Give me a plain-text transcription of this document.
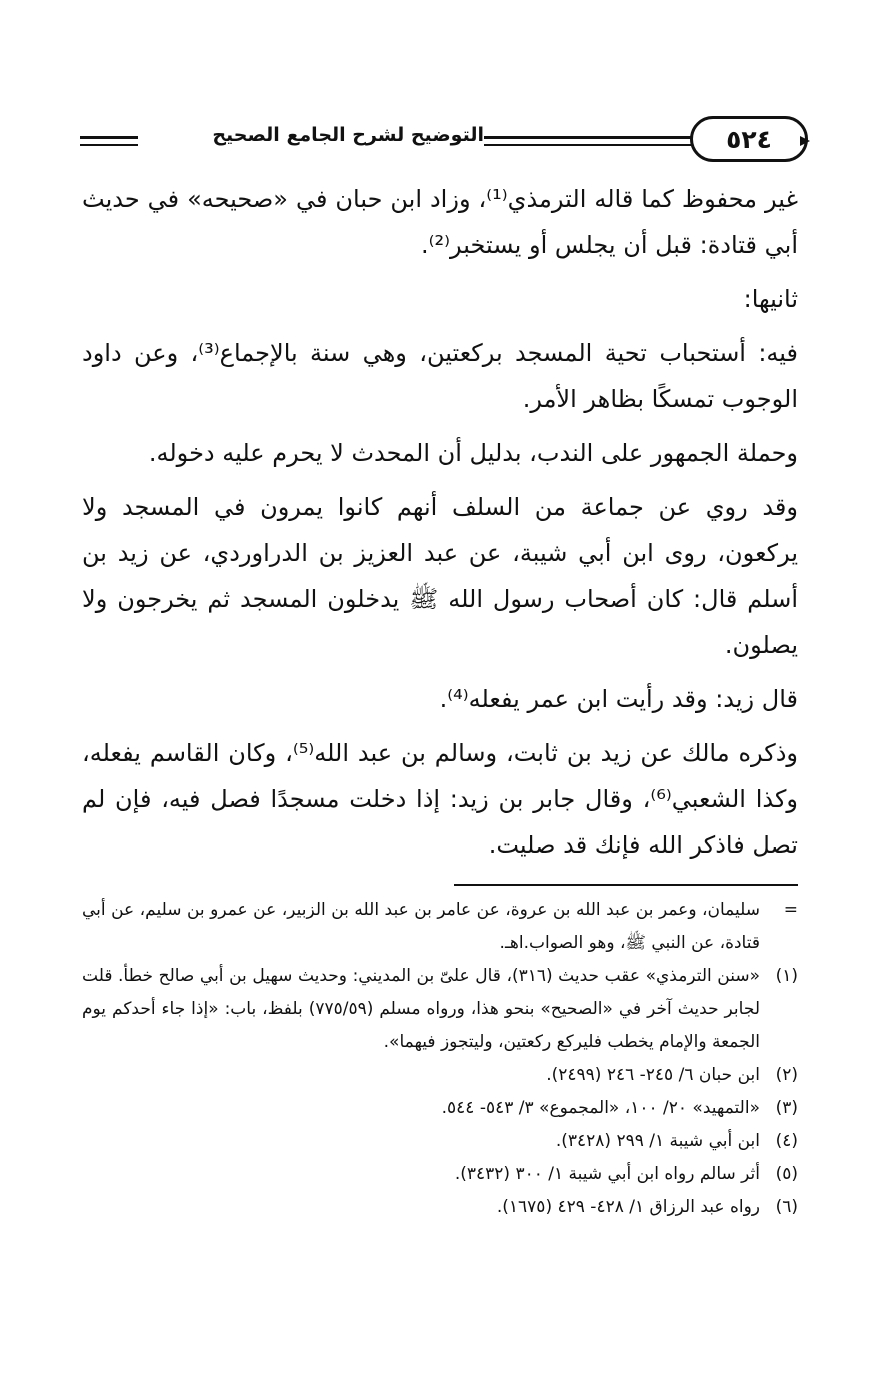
التوضيح لشرح الجامع الصحيح	٥٢٤

غير محفوظ كما قاله الترمذي⁽¹⁾، وزاد ابن حبان في «صحيحه» في حديث أبي قتادة: قبل أن يجلس أو يستخبر⁽²⁾.

ثانيها:

فيه: أستحباب تحية المسجد بركعتين، وهي سنة بالإجماع⁽³⁾، وعن داود الوجوب تمسكًا بظاهر الأمر.

وحملة الجمهور على الندب، بدليل أن المحدث لا يحرم عليه دخوله.

وقد روي عن جماعة من السلف أنهم كانوا يمرون في المسجد ولا يركعون، روى ابن أبي شيبة، عن عبد العزيز بن الدراوردي، عن زيد بن أسلم قال: كان أصحاب رسول الله ﷺ يدخلون المسجد ثم يخرجون ولا يصلون.

قال زيد: وقد رأيت ابن عمر يفعله⁽⁴⁾.

وذكره مالك عن زيد بن ثابت، وسالم بن عبد الله⁽⁵⁾، وكان القاسم يفعله، وكذا الشعبي⁽⁶⁾، وقال جابر بن زيد: إذا دخلت مسجدًا فصل فيه، فإن لم تصل فاذكر الله فإنك قد صليت.

=
سليمان، وعمر بن عبد الله بن عروة، عن عامر بن عبد الله بن الزبير، عن عمرو بن سليم، عن أبي قتادة، عن النبي ﷺ، وهو الصواب.اهـ.
(١)
«سنن الترمذي» عقب حديث (٣١٦)، قال علىّ بن المديني: وحديث سهيل بن أبي صالح خطأ. قلت لجابر حديث آخر في «الصحيح» بنحو هذا، ورواه مسلم (٧٧٥/٥٩) بلفظ، باب: «إذا جاء أحدكم يوم الجمعة والإمام يخطب فليركع ركعتين، وليتجوز فيهما».
(٢)
ابن حبان ٦/ ٢٤٥- ٢٤٦ (٢٤٩٩).
(٣)
«التمهيد» ٢٠/ ١٠٠، «المجموع» ٣/ ٥٤٣- ٥٤٤.
(٤)
ابن أبي شيبة ١/ ٢٩٩ (٣٤٢٨).
(٥)
أثر سالم رواه ابن أبي شيبة ١/ ٣٠٠ (٣٤٣٢).
(٦)
رواه عبد الرزاق ١/ ٤٢٨- ٤٢٩ (١٦٧٥).
